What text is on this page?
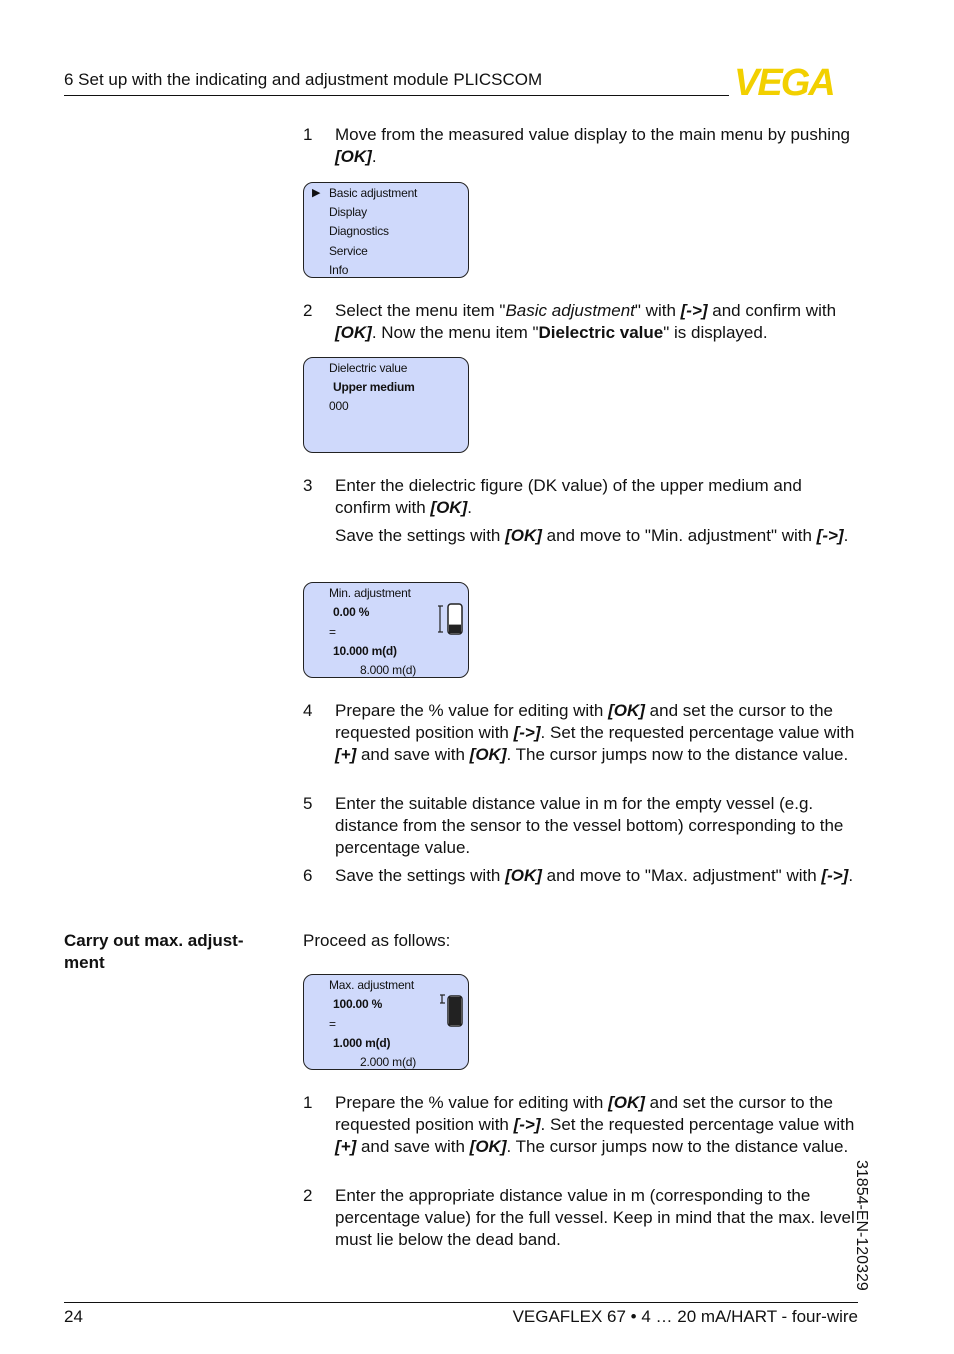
6 Set up with the indicating and adjustment module PLICSCOM	VEGA
1	Move from the measured value display to the main menu by pushing [OK].
▶ Basic adjustment
Display
Diagnostics
Service
Info
2	Select the menu item "Basic adjustment" with [->] and confirm with [OK]. Now the menu item "Dielectric value" is displayed.
Dielectric value
Upper medium
000
3	Enter the dielectric figure (DK value) of the upper medium and confirm with [OK].
Save the settings with [OK] and move to "Min. adjustment" with [->].
Min. adjustment
0.00 %
=
10.000 m(d)
8.000 m(d)
4	Prepare the % value for editing with [OK] and set the cursor to the requested position with [->]. Set the requested percentage value with [+] and save with [OK]. The cursor jumps now to the distance value.
5	Enter the suitable distance value in m for the empty vessel (e.g. distance from the sensor to the vessel bottom) corresponding to the percentage value.
6	Save the settings with [OK] and move to "Max. adjustment" with [->].
Carry out max. adjust- ment
Proceed as follows:
Max. adjustment
100.00 %
=
1.000 m(d)
2.000 m(d)
1	Prepare the % value for editing with [OK] and set the cursor to the requested position with [->]. Set the requested percentage value with [+] and save with [OK]. The cursor jumps now to the distance value.
2	Enter the appropriate distance value in m (corresponding to the percentage value) for the full vessel. Keep in mind that the max. level must lie below the dead band.	31854-EN-120329
24	VEGAFLEX 67 • 4 … 20 mA/HART - four-wire
